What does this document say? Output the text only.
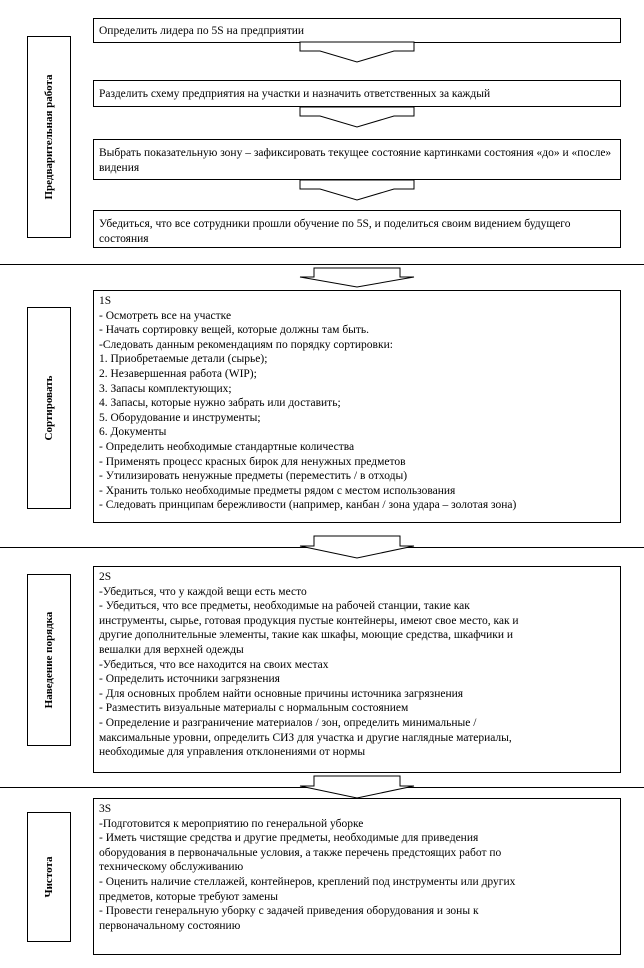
Предварительная работа
Определить лидера по 5S на предприятии
Разделить схему предприятия на участки и назначить ответственных за каждый
Выбрать показательную зону – зафиксировать текущее состояние картинками состояния «до» и «после» видения
Убедиться, что все сотрудники прошли обучение по 5S, и поделиться своим видением будущего состояния
Сортировать
1S
- Осмотреть все на участке
- Начать сортировку вещей, которые должны там быть.
-Следовать данным рекомендациям по порядку сортировки:
1. Приобретаемые детали (сырье);
2. Незавершенная работа (WIP);
3. Запасы комплектующих;
4. Запасы, которые нужно забрать или доставить;
5. Оборудование и инструменты;
6. Документы
- Определить необходимые стандартные количества
- Применять процесс красных бирок для ненужных предметов
- Утилизировать ненужные предметы (переместить / в отходы)
- Хранить только необходимые предметы рядом с местом использования
- Следовать принципам бережливости (например, канбан / зона удара – золотая зона)
Наведение порядка
2S
-Убедиться, что у каждой вещи есть место
- Убедиться, что все предметы, необходимые на рабочей станции, такие как
инструменты, сырье, готовая продукция пустые контейнеры, имеют свое место, как и
другие дополнительные элементы, такие как шкафы, моющие средства, шкафчики и
вешалки для верхней одежды
-Убедиться, что все находится на своих местах
- Определить источники загрязнения
- Для основных проблем найти основные причины источника загрязнения
- Разместить визуальные материалы с нормальным состоянием
- Определение и разграничение материалов / зон, определить минимальные /
максимальные уровни, определить СИЗ для участка и другие наглядные материалы,
необходимые для управления отклонениями от нормы
Чистота
3S
-Подготовится к мероприятию по генеральной уборке
- Иметь чистящие средства и другие предметы, необходимые для приведения
оборудования в первоначальные условия, а также перечень предстоящих работ по
техническому обслуживанию
- Оценить наличие стеллажей, контейнеров, креплений под инструменты или других
предметов, которые требуют замены
- Провести генеральную уборку с задачей приведения оборудования и зоны к
первоначальному состоянию
